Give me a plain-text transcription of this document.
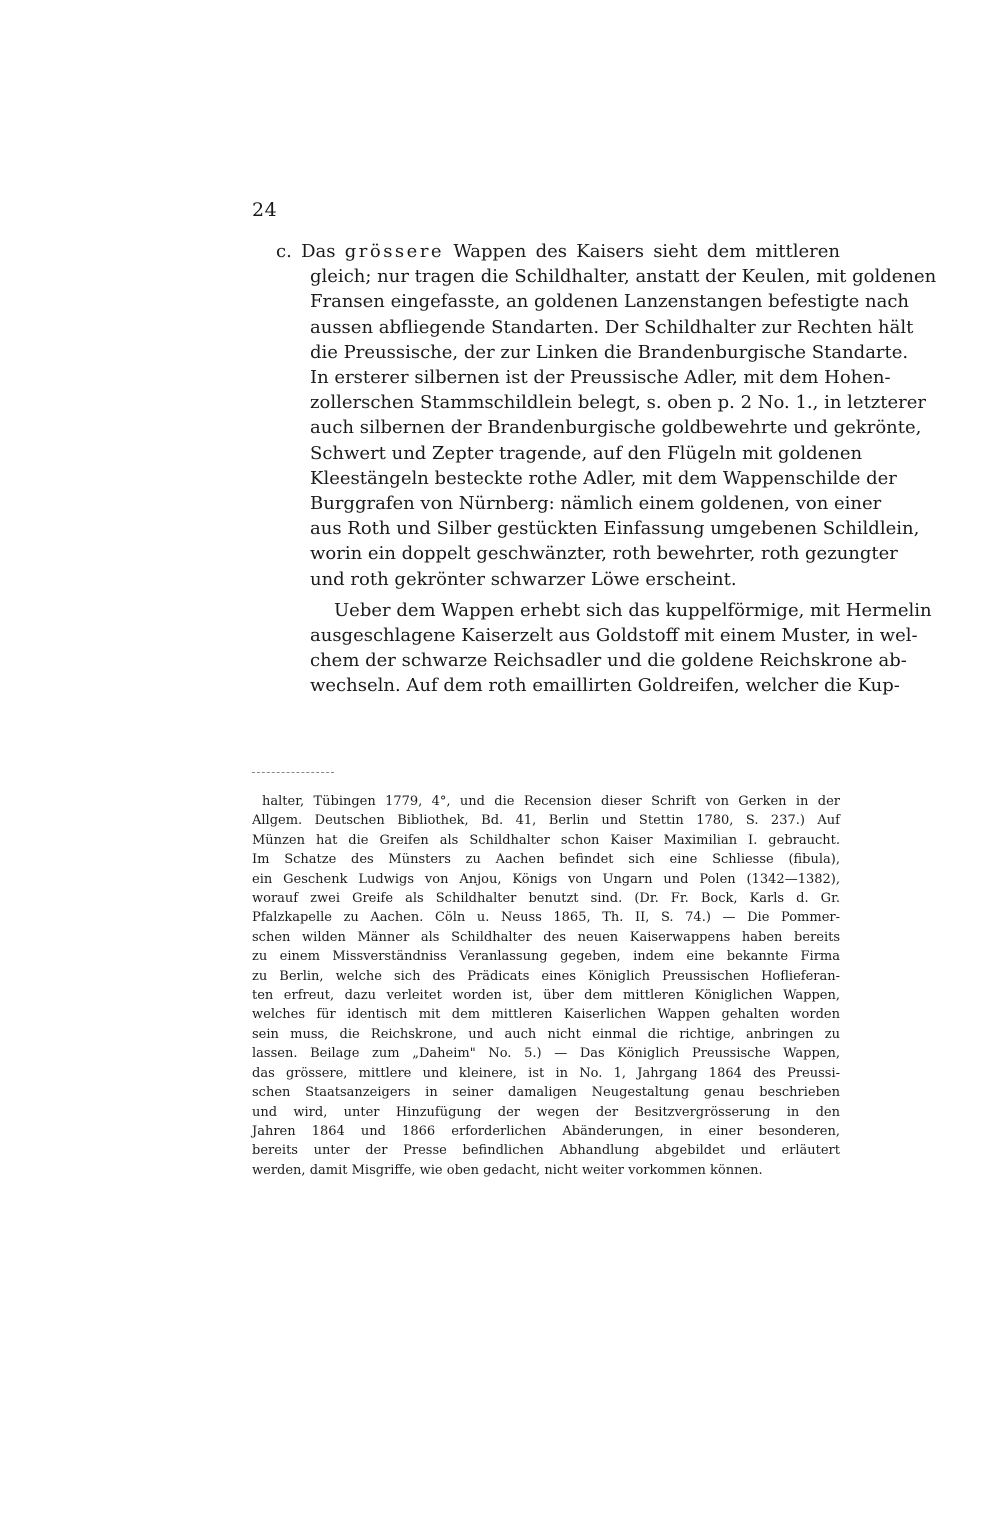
24
c. Das grössere Wappen des Kaisers sieht dem mittleren
gleich; nur tragen die Schildhalter, anstatt der Keulen, mit goldenen
Fransen eingefasste, an goldenen Lanzenstangen befestigte nach
aussen abfliegende Standarten. Der Schildhalter zur Rechten hält
die Preussische, der zur Linken die Brandenburgische Standarte.
In ersterer silbernen ist der Preussische Adler, mit dem Hohen-
zollerschen Stammschildlein belegt, s. oben p. 2 No. 1., in letzterer
auch silbernen der Brandenburgische goldbewehrte und gekrönte,
Schwert und Zepter tragende, auf den Flügeln mit goldenen
Kleestängeln besteckte rothe Adler, mit dem Wappenschilde der
Burggrafen von Nürnberg: nämlich einem goldenen, von einer
aus Roth und Silber gestückten Einfassung umgebenen Schildlein,
worin ein doppelt geschwänzter, roth bewehrter, roth gezungter
und roth gekrönter schwarzer Löwe erscheint.
Ueber dem Wappen erhebt sich das kuppelförmige, mit Hermelin
ausgeschlagene Kaiserzelt aus Goldstoff mit einem Muster, in wel-
chem der schwarze Reichsadler und die goldene Reichskrone ab-
wechseln. Auf dem roth emaillirten Goldreifen, welcher die Kup-
halter, Tübingen 1779, 4°, und die Recension dieser Schrift von Gerken in der
Allgem. Deutschen Bibliothek, Bd. 41, Berlin und Stettin 1780, S. 237.) Auf
Münzen hat die Greifen als Schildhalter schon Kaiser Maximilian I. gebraucht.
Im Schatze des Münsters zu Aachen befindet sich eine Schliesse (fibula),
ein Geschenk Ludwigs von Anjou, Königs von Ungarn und Polen (1342—1382),
worauf zwei Greife als Schildhalter benutzt sind. (Dr. Fr. Bock, Karls d. Gr.
Pfalzkapelle zu Aachen. Cöln u. Neuss 1865, Th. II, S. 74.) — Die Pommer-
schen wilden Männer als Schildhalter des neuen Kaiserwappens haben bereits
zu einem Missverständniss Veranlassung gegeben, indem eine bekannte Firma
zu Berlin, welche sich des Prädicats eines Königlich Preussischen Hoflieferan-
ten erfreut, dazu verleitet worden ist, über dem mittleren Königlichen Wappen,
welches für identisch mit dem mittleren Kaiserlichen Wappen gehalten worden
sein muss, die Reichskrone, und auch nicht einmal die richtige, anbringen zu
lassen. Beilage zum „Daheim" No. 5.) — Das Königlich Preussische Wappen,
das grössere, mittlere und kleinere, ist in No. 1, Jahrgang 1864 des Preussi-
schen Staatsanzeigers in seiner damaligen Neugestaltung genau beschrieben
und wird, unter Hinzufügung der wegen der Besitzvergrösserung in den
Jahren 1864 und 1866 erforderlichen Abänderungen, in einer besonderen,
bereits unter der Presse befindlichen Abhandlung abgebildet und erläutert
werden, damit Misgriffe, wie oben gedacht, nicht weiter vorkommen können.
